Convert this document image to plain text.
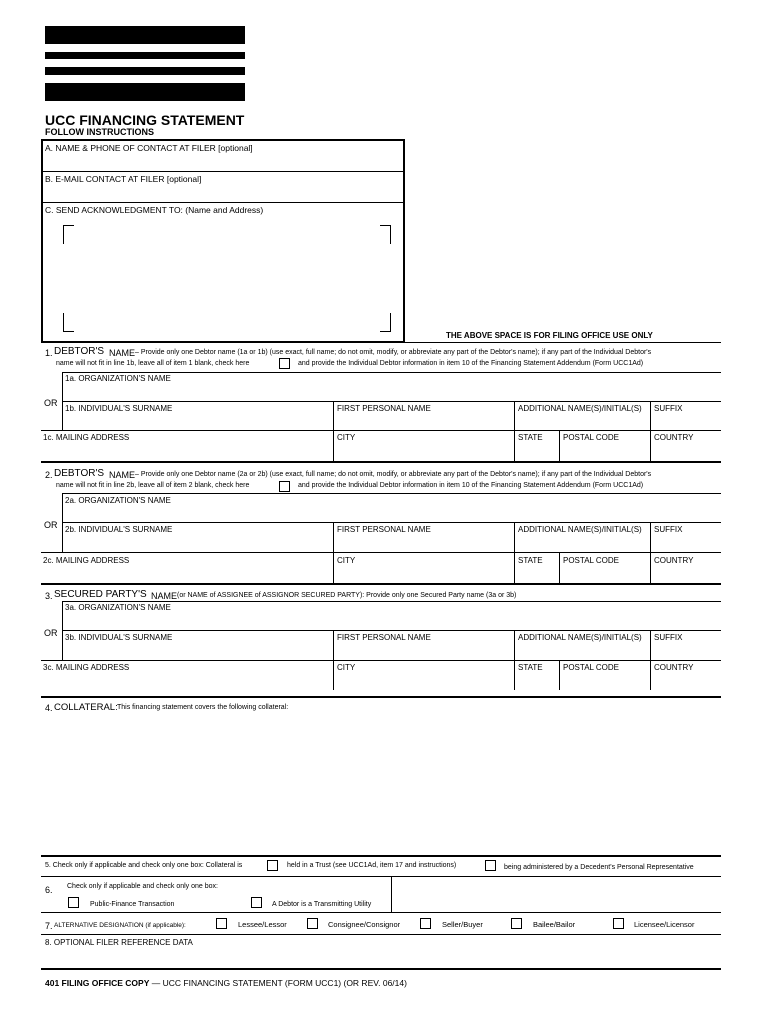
UCC FINANCING STATEMENT
FOLLOW INSTRUCTIONS
A. NAME & PHONE OF CONTACT AT FILER [optional]
B. E-MAIL CONTACT AT FILER [optional]
C. SEND ACKNOWLEDGMENT TO: (Name and Address)
THE ABOVE SPACE IS FOR FILING OFFICE USE ONLY
1. DEBTOR'S NAME – Provide only one Debtor name (1a or 1b) (use exact, full name; do not omit, modify, or abbreviate any part of the Debtor's name); if any part of the Individual Debtor's
name will not fit in line 1b, leave all of item 1 blank, check here	and provide the Individual Debtor information in item 10 of the Financing Statement Addendum (Form UCC1Ad)
1a. ORGANIZATION'S NAME
OR
1b. INDIVIDUAL'S SURNAME	FIRST PERSONAL NAME	ADDITIONAL NAME(S)/INITIAL(S) SUFFIX
1c. MAILING ADDRESS	CITY	STATE	POSTAL CODE	COUNTRY
2. DEBTOR'S NAME – Provide only one Debtor name (2a or 2b) (use exact, full name; do not omit, modify, or abbreviate any part of the Debtor's name); if any part of the Individual Debtor's
name will not fit in line 2b, leave all of item 2 blank, check here	and provide the Individual Debtor information in item 10 of the Financing Statement Addendum (Form UCC1Ad)
2a. ORGANIZATION'S NAME
OR 2b. INDIVIDUAL'S SURNAME	FIRST PERSONAL NAME	ADDITIONAL NAME(S)/INITIAL(S) SUFFIX
2c. MAILING ADDRESS	CITY	STATE	POSTAL CODE	COUNTRY
3. SECURED PARTY'S NAME (or NAME of ASSIGNEE of ASSIGNOR SECURED PARTY): Provide only one Secured Party name (3a or 3b)
3a. ORGANIZATION'S NAME
OR 3b. INDIVIDUAL'S SURNAME	FIRST PERSONAL NAME	ADDITIONAL NAME(S)/INITIAL(S) SUFFIX
3c. MAILING ADDRESS	CITY	STATE	POSTAL CODE	COUNTRY
4. COLLATERAL: This financing statement covers the following collateral:
5. Check only if applicable and check only one box: Collateral is	held in a Trust (see UCC1Ad, item 17 and instructions)	being administered by a Decedent's Personal Representative
6. Check only if applicable and check only one box:
Public-Finance Transaction	A Debtor is a Transmitting Utility
7. ALTERNATIVE DESIGNATION (if applicable):	Lessee/Lessor	Consignee/Consignor	Seller/Buyer	Bailee/Bailor	Licensee/Licensor
8. OPTIONAL FILER REFERENCE DATA
401 FILING OFFICE COPY — UCC FINANCING STATEMENT (FORM UCC1) (OR REV. 06/14)
